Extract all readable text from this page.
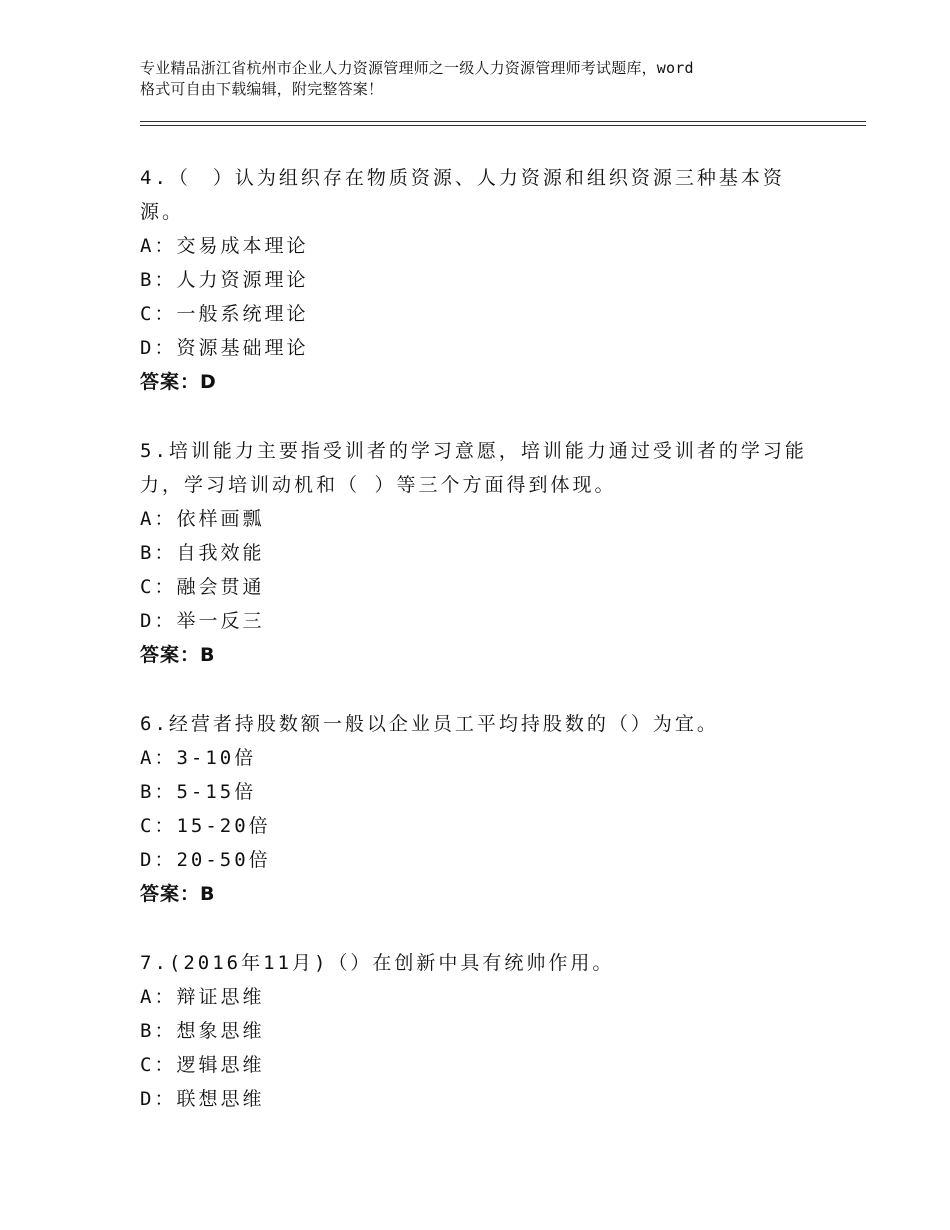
专业精品浙江省杭州市企业人力资源管理师之一级人力资源管理师考试题库，word
格式可自由下载编辑，附完整答案！
4.（　）认为组织存在物质资源、人力资源和组织资源三种基本资
源。
A：交易成本理论
B：人力资源理论
C：一般系统理论
D：资源基础理论
答案：D
5.培训能力主要指受训者的学习意愿，培训能力通过受训者的学习能
力，学习培训动机和（ ）等三个方面得到体现。
A：依样画瓢
B：自我效能
C：融会贯通
D：举一反三
答案：B
6.经营者持股数额一般以企业员工平均持股数的（）为宜。
A：3-10倍
B：5-15倍
C：15-20倍
D：20-50倍
答案：B
7.(2016年11月)（）在创新中具有统帅作用。
A：辩证思维
B：想象思维
C：逻辑思维
D：联想思维
